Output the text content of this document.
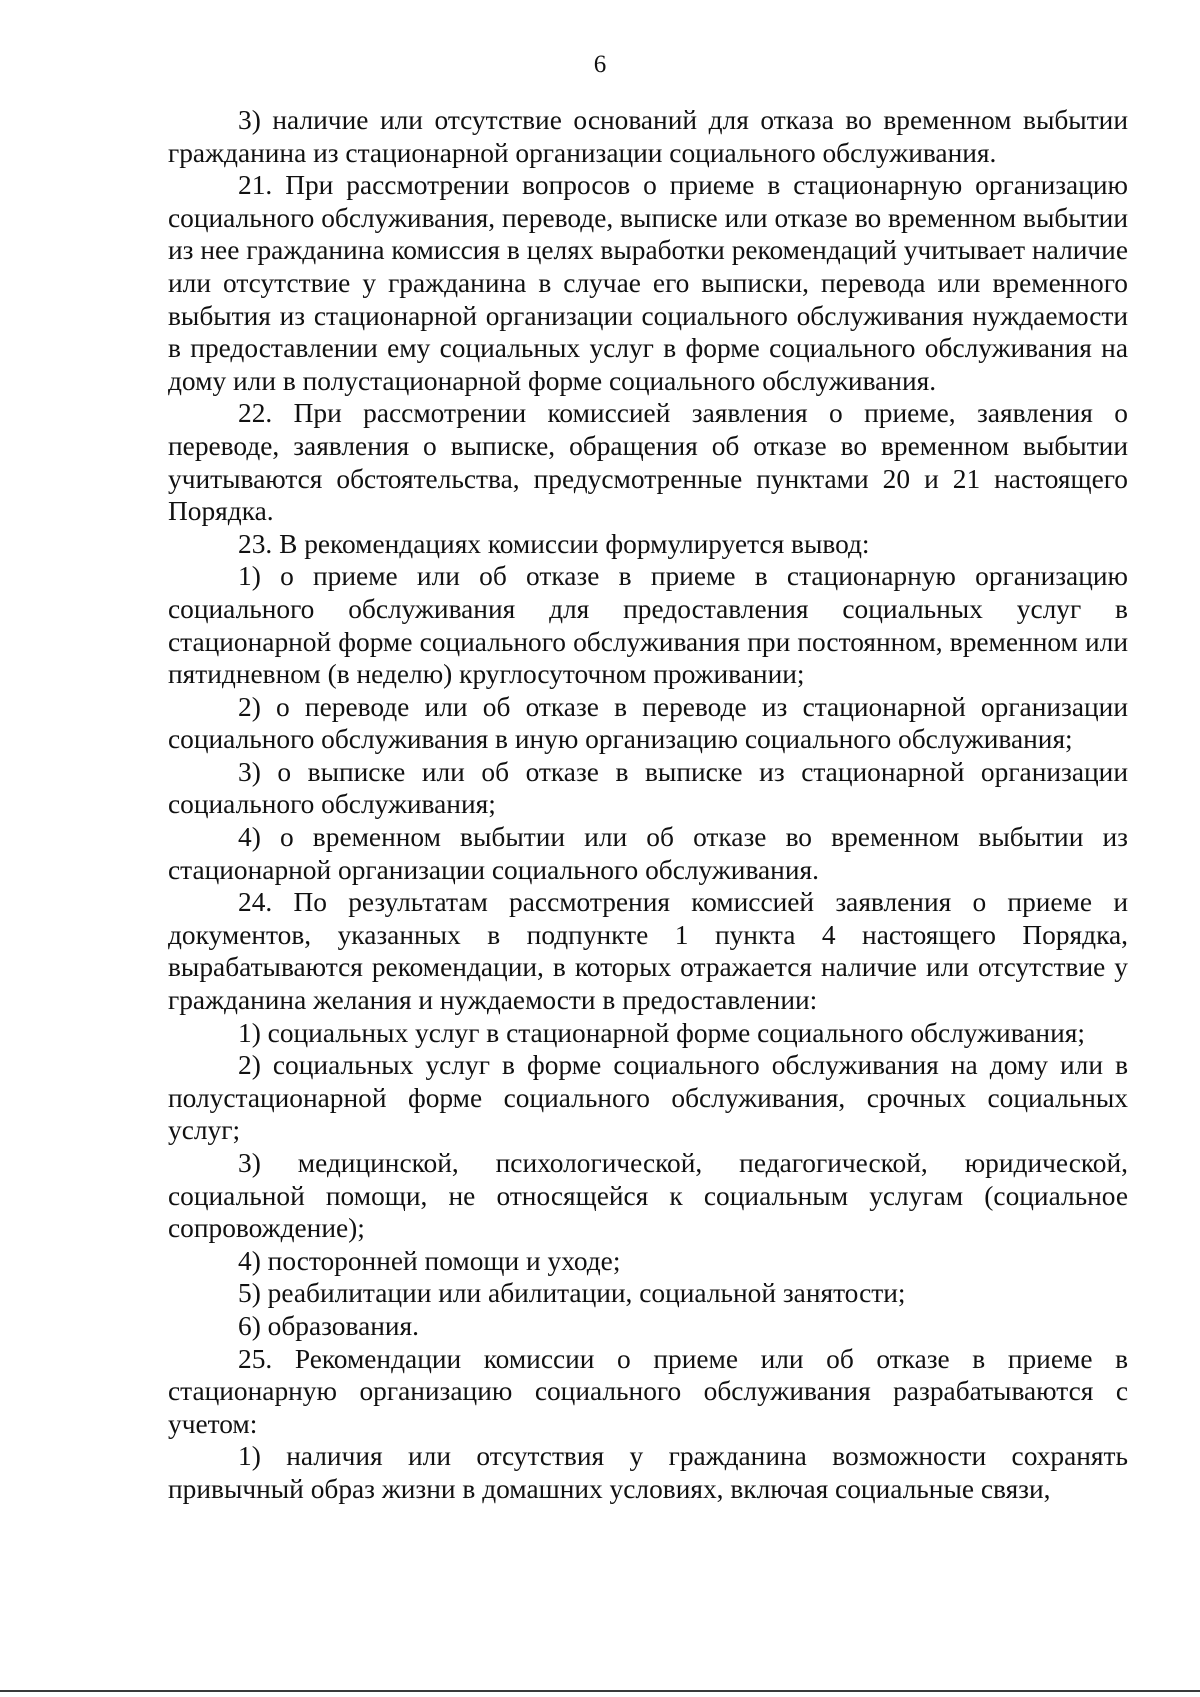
6

3) наличие или отсутствие оснований для отказа во временном выбытии гражданина из стационарной организации социального обслуживания.

21. При рассмотрении вопросов о приеме в стационарную организацию социального обслуживания, переводе, выписке или отказе во временном выбытии из нее гражданина комиссия в целях выработки рекомендаций учитывает наличие или отсутствие у гражданина в случае его выписки, перевода или временного выбытия из стационарной организации социального обслуживания нуждаемости в предоставлении ему социальных услуг в форме социального обслуживания на дому или в полустационарной форме социального обслуживания.

22. При рассмотрении комиссией заявления о приеме, заявления о переводе, заявления о выписке, обращения об отказе во временном выбытии учитываются обстоятельства, предусмотренные пунктами 20 и 21 настоящего Порядка.

23. В рекомендациях комиссии формулируется вывод:

1) о приеме или об отказе в приеме в стационарную организацию социального обслуживания для предоставления социальных услуг в стационарной форме социального обслуживания при постоянном, временном или пятидневном (в неделю) круглосуточном проживании;

2) о переводе или об отказе в переводе из стационарной организации социального обслуживания в иную организацию социального обслуживания;

3) о выписке или об отказе в выписке из стационарной организации социального обслуживания;

4) о временном выбытии или об отказе во временном выбытии из стационарной организации социального обслуживания.

24. По результатам рассмотрения комиссией заявления о приеме и документов, указанных в подпункте 1 пункта 4 настоящего Порядка, вырабатываются рекомендации, в которых отражается наличие или отсутствие у гражданина желания и нуждаемости в предоставлении:

1) социальных услуг в стационарной форме социального обслуживания;

2) социальных услуг в форме социального обслуживания на дому или в полустационарной форме социального обслуживания, срочных социальных услуг;

3) медицинской, психологической, педагогической, юридической, социальной помощи, не относящейся к социальным услугам (социальное сопровождение);

4) посторонней помощи и уходе;

5) реабилитации или абилитации, социальной занятости;

6) образования.

25. Рекомендации комиссии о приеме или об отказе в приеме в стационарную организацию социального обслуживания разрабатываются с учетом:

1) наличия или отсутствия у гражданина возможности сохранять привычный образ жизни в домашних условиях, включая социальные связи,
